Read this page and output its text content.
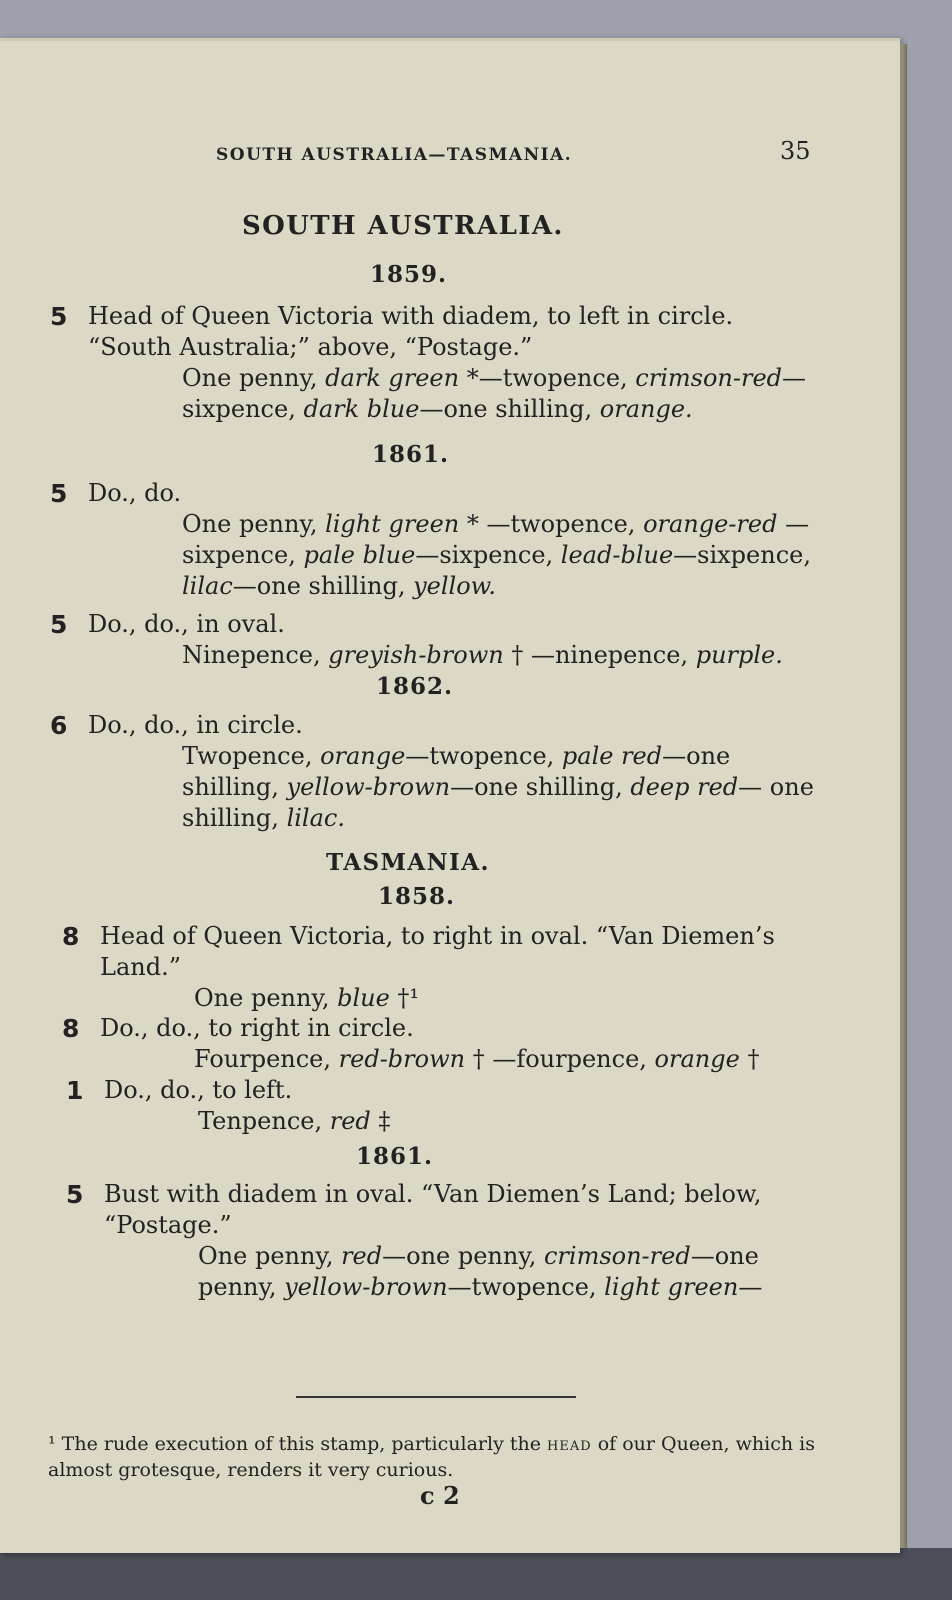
SOUTH AUSTRALIA—TASMANIA.	35
SOUTH AUSTRALIA.
1859.
5 Head of Queen Victoria with diadem, to left in circle. “South Australia;” above, “Postage.”
One penny, dark green *—twopence, crimson-red—sixpence, dark blue—one shilling, orange.
1861.
5 Do., do.
One penny, light green * —twopence, orange-red —sixpence, pale blue—sixpence, lead-blue—sixpence, lilac—one shilling, yellow.
5 Do., do., in oval.
Ninepence, greyish-brown † —ninepence, purple.
1862.
6 Do., do., in circle.
Twopence, orange—twopence, pale red—one shilling, yellow-brown—one shilling, deep red— one shilling, lilac.
TASMANIA.
1858.
8 Head of Queen Victoria, to right in oval. “Van Diemen’s Land.”
One penny, blue †¹
8 Do., do., to right in circle.
Fourpence, red-brown † —fourpence, orange †
1 Do., do., to left.
Tenpence, red ‡
1861.
5 Bust with diadem in oval. “Van Diemen’s Land; below, “Postage.”
One penny, red—one penny, crimson-red—one penny, yellow-brown—twopence, light green—
¹ The rude execution of this stamp, particularly the head of our Queen, which is almost grotesque, renders it very curious.
c 2
